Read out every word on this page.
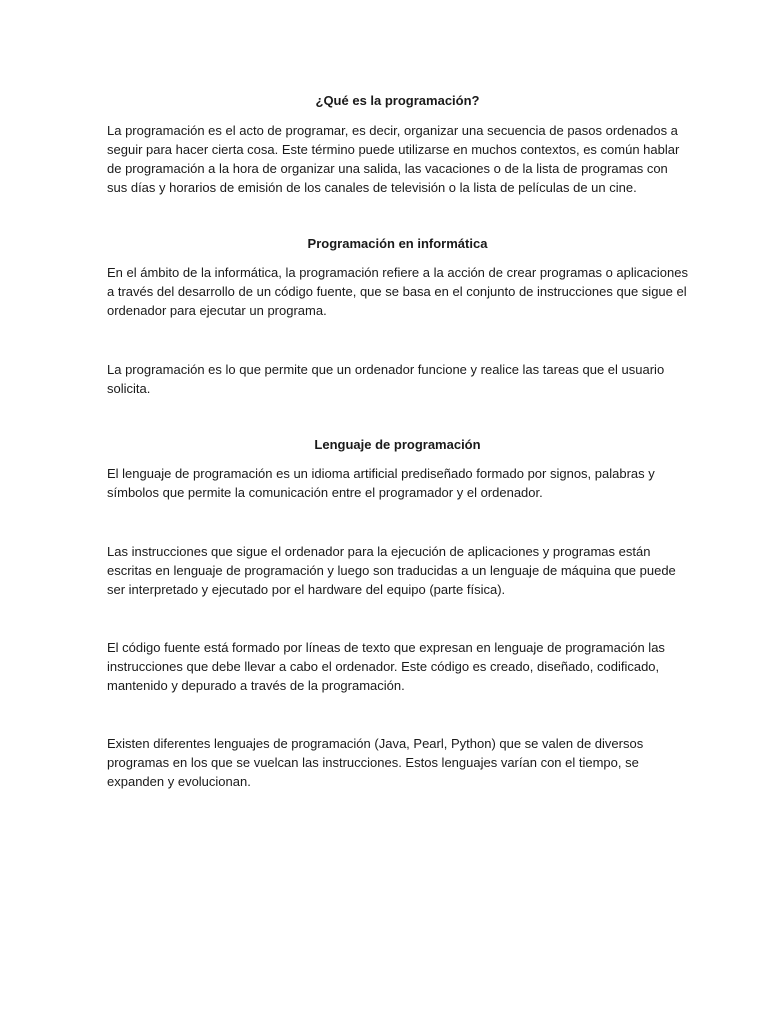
¿Qué es la programación?

La programación es el acto de programar, es decir, organizar una secuencia de pasos ordenados a seguir para hacer cierta cosa. Este término puede utilizarse en muchos contextos, es común hablar de programación a la hora de organizar una salida, las vacaciones o de la lista de programas con sus días y horarios de emisión de los canales de televisión o la lista de películas de un cine.

Programación en informática

En el ámbito de la informática, la programación refiere a la acción de crear programas o aplicaciones a través del desarrollo de un código fuente, que se basa en el conjunto de instrucciones que sigue el ordenador para ejecutar un programa.

La programación es lo que permite que un ordenador funcione y realice las tareas que el usuario solicita.

Lenguaje de programación

El lenguaje de programación es un idioma artificial prediseñado formado por signos, palabras y símbolos que permite la comunicación entre el programador y el ordenador.

Las instrucciones que sigue el ordenador para la ejecución de aplicaciones y programas están escritas en lenguaje de programación y luego son traducidas a un lenguaje de máquina que puede ser interpretado y ejecutado por el hardware del equipo (parte física).

El código fuente está formado por líneas de texto que expresan en lenguaje de programación las instrucciones que debe llevar a cabo el ordenador. Este código es creado, diseñado, codificado, mantenido y depurado a través de la programación.

Existen diferentes lenguajes de programación (Java, Pearl, Python) que se valen de diversos programas en los que se vuelcan las instrucciones. Estos lenguajes varían con el tiempo, se expanden y evolucionan.
